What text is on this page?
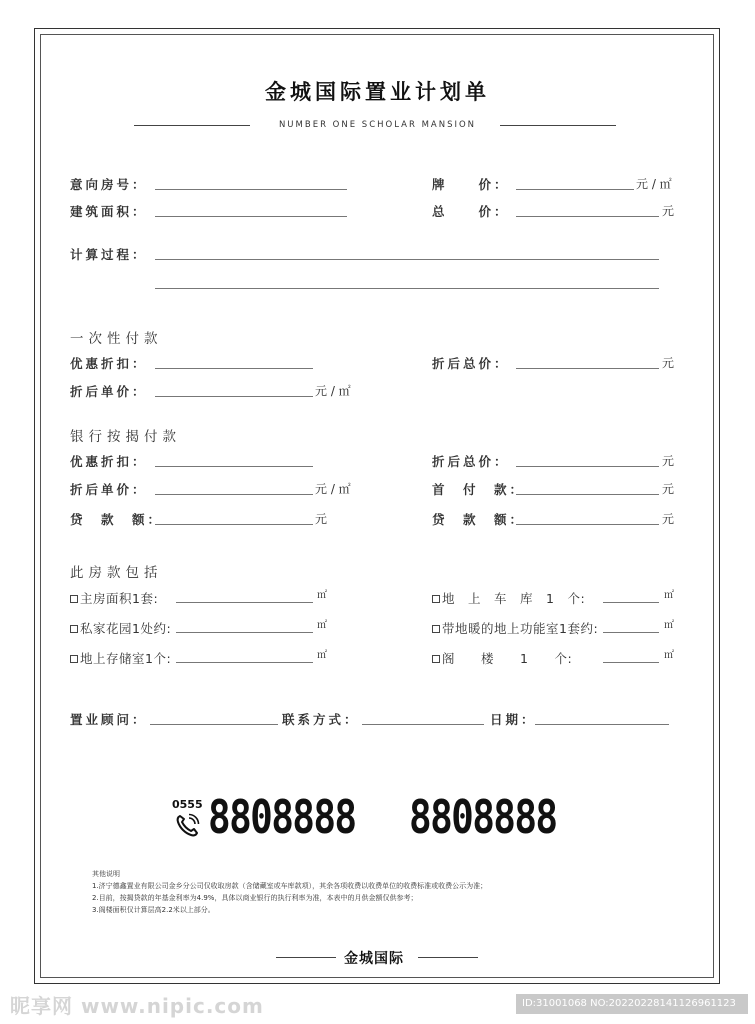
金城国际置业计划单
NUMBER ONE SCHOLAR MANSION
意向房号：	牌　　价：	元 / ㎡
建筑面积：	总　　价：	元
计算过程：
一次性付款
优惠折扣：	折后总价：	元
折后单价：	元 / ㎡
银行按揭付款
优惠折扣：	折后总价：	元
折后单价：	元 / ㎡	首　付　款：	元
贷　款　额：	元	贷　款　额：	元
此房款包括
主房面积1套:	㎡	地　上　车　库　1　个:	㎡
私家花园1处约:	㎡	带地暖的地上功能室1套约:	㎡
地上存储室1个:	㎡	阁　　楼　　1　　个:	㎡
置业顾问：	联系方式：	日期：
0555 8808888 8808888
其他说明
1.济宁德鑫置业有限公司金乡分公司仅收取房款（含储藏室或车库款项），其余各项收费以收费单位的收费标准或收费公示为准；
2.目前，按揭贷款的年基金利率为4.9%，具体以商业银行的执行利率为准，本表中的月供金额仅供参考；
3.阁楼面积仅计算层高2.2米以上部分。
金城国际
昵享网 www.nipic.com	ID:31001068 NO:20220228141126961123
